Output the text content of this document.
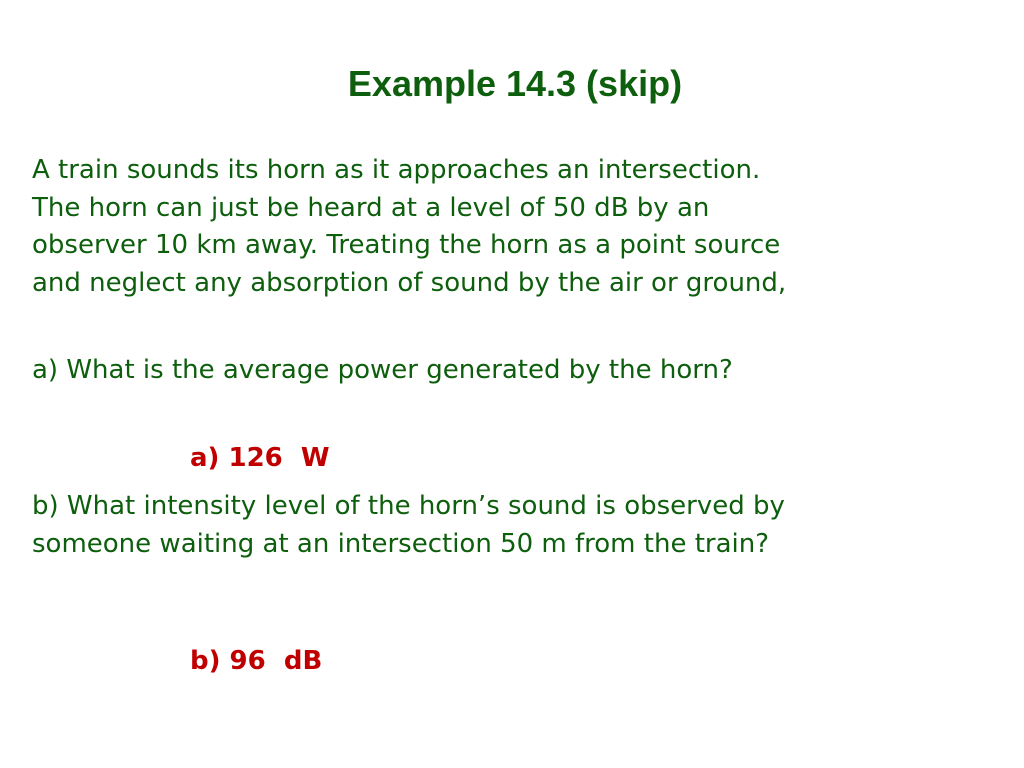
Example 14.3 (skip)

A train sounds its horn as it approaches an intersection.
The horn can just be heard at a level of 50 dB by an
observer 10 km away. Treating the horn as a point source
and neglect any absorption of sound by the air or ground,

a) What is the average power generated by the horn?

a) 126  W

b) What intensity level of the horn’s sound is observed by
someone waiting at an intersection 50 m from the train?

b) 96  dB
